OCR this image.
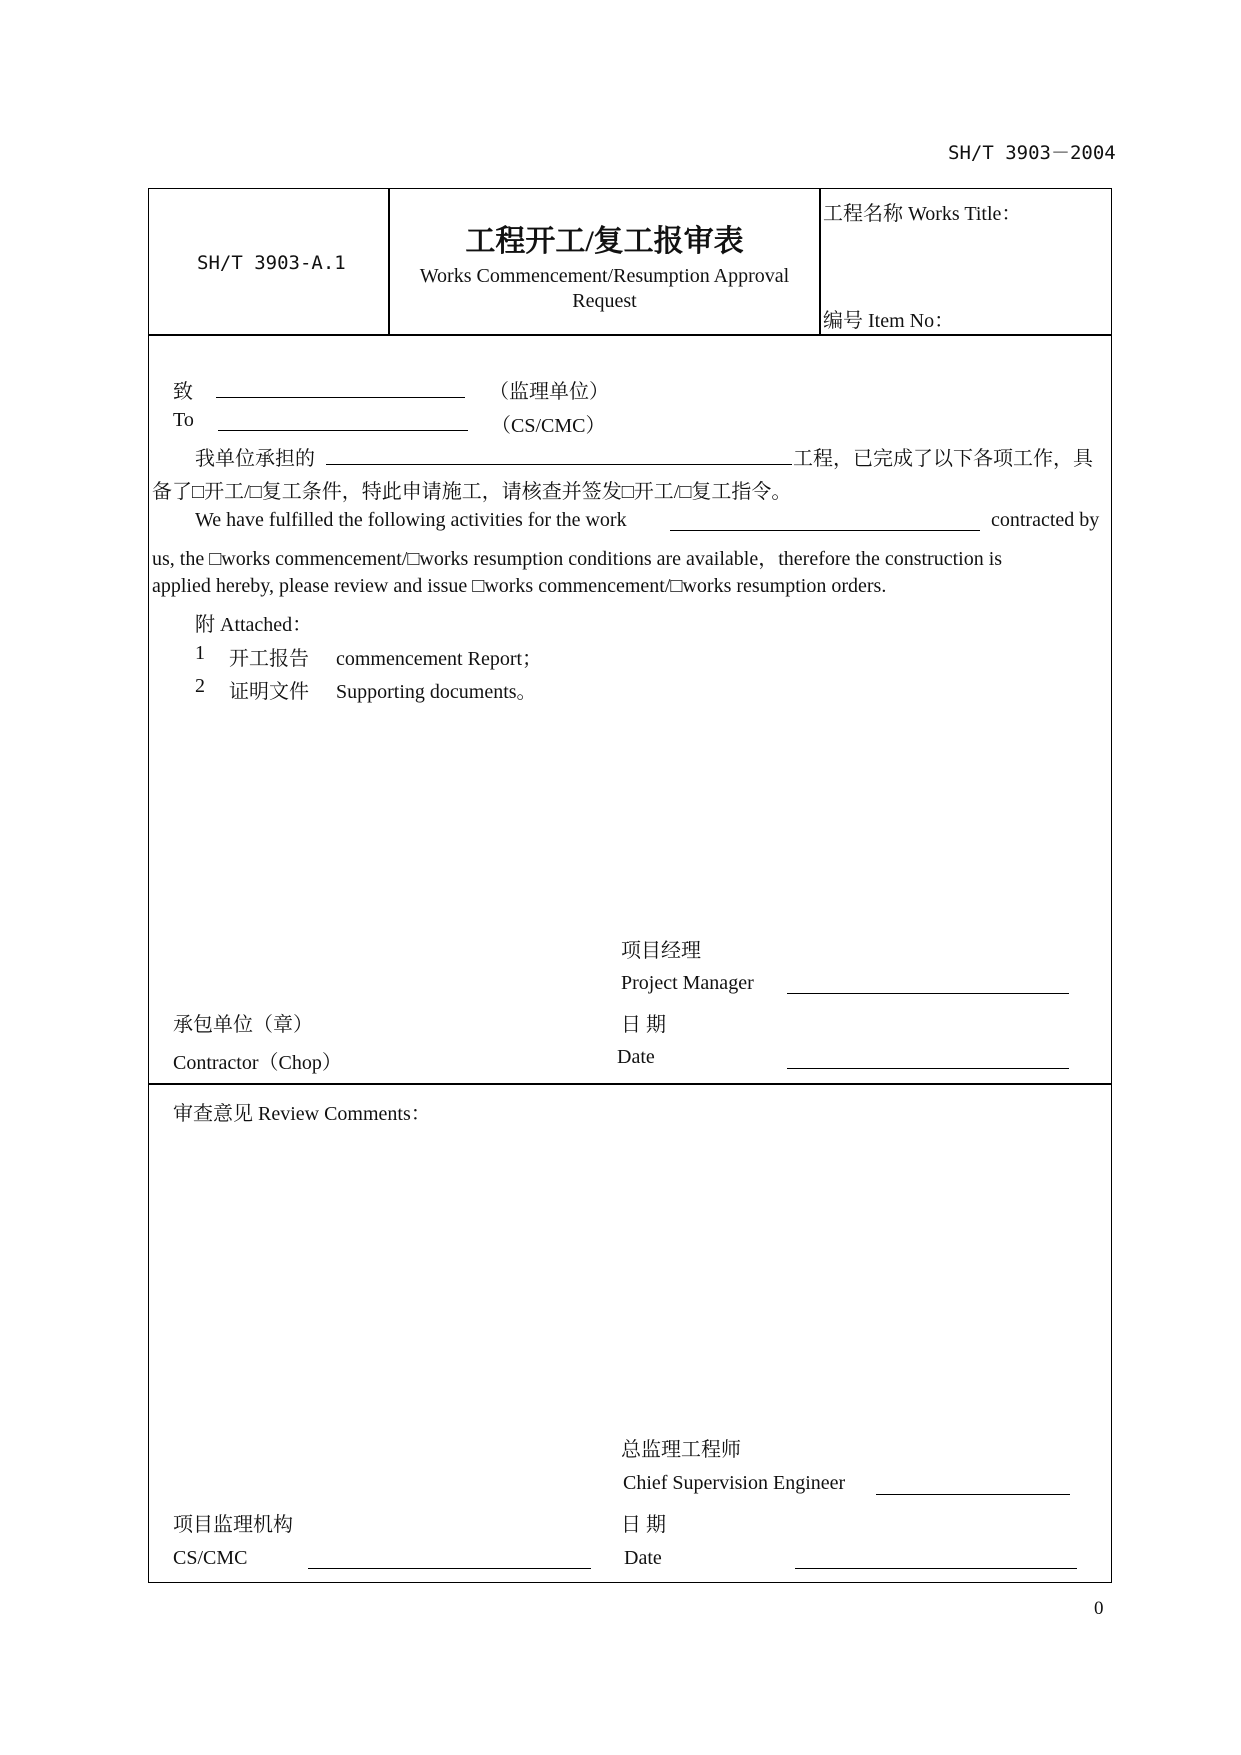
SH/T 3903－2004
SH/T 3903-A.1
工程开工/复工报审表
Works Commencement/Resumption Approval
Request
工程名称 Works Title：
编号 Item No：
致	（监理单位）
To	（CS/CMC）
我单位承担的	工程，已完成了以下各项工作，具
备了□开工/□复工条件，特此申请施工，请核查并签发□开工/□复工指令。
We have fulfilled the following activities for the work	contracted by
us, the □works commencement/□works resumption conditions are available，therefore the construction is
applied hereby, please review and issue □works commencement/□works resumption orders.
附 Attached：
1 开工报告 commencement Report；
2 证明文件 Supporting documents。
项目经理
Project Manager
承包单位（章）	日 期
Contractor（Chop）	Date
审查意见 Review Comments：
总监理工程师
Chief Supervision Engineer
项目监理机构	日 期
CS/CMC	Date
0
